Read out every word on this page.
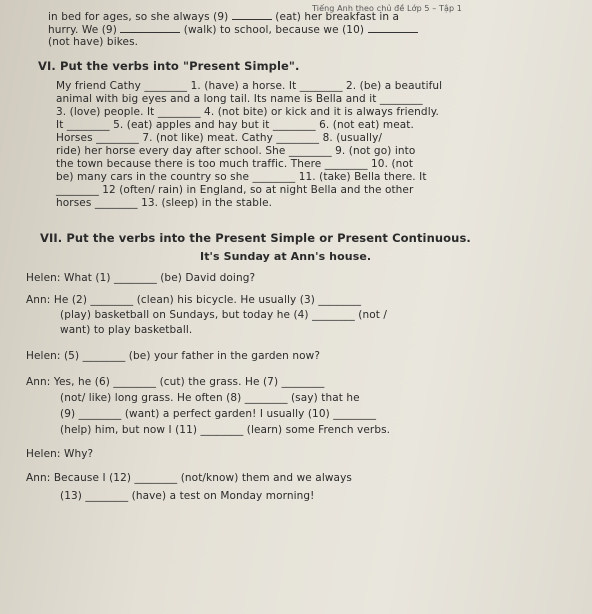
Tiếng Anh theo chủ đề Lớp 5 – Tập 1
in bed for ages, so she always (9)	(eat) her breakfast in a
hurry. We (9)	(walk) to school, because we (10)
(not have) bikes.
VI. Put the verbs into "Present Simple".
My friend Cathy ________ 1. (have) a horse. It ________ 2. (be) a beautiful
animal with big eyes and a long tail. Its name is Bella and it ________
3. (love) people. It ________ 4. (not bite) or kick and it is always friendly.
It ________ 5. (eat) apples and hay but it ________ 6. (not eat) meat.
Horses ________ 7. (not like) meat. Cathy ________ 8. (usually/
ride) her horse every day after school. She ________ 9. (not go) into
the town because there is too much traffic. There ________ 10. (not
be) many cars in the country so she ________ 11. (take) Bella there. It
________ 12 (often/ rain) in England, so at night Bella and the other
horses ________ 13. (sleep) in the stable.
VII. Put the verbs into the Present Simple or Present Continuous.
It's Sunday at Ann's house.
Helen: What (1) ________ (be) David doing?
Ann: He (2) ________ (clean) his bicycle. He usually (3) ________
(play) basketball on Sundays, but today he (4) ________ (not /
want) to play basketball.
Helen: (5) ________ (be) your father in the garden now?
Ann: Yes, he (6) ________ (cut) the grass. He (7) ________
(not/ like) long grass. He often (8) ________ (say) that he
(9) ________ (want) a perfect garden! I usually (10) ________
(help) him, but now I (11) ________ (learn) some French verbs.
Helen: Why?
Ann: Because I (12) ________ (not/know) them and we always
(13) ________ (have) a test on Monday morning!
